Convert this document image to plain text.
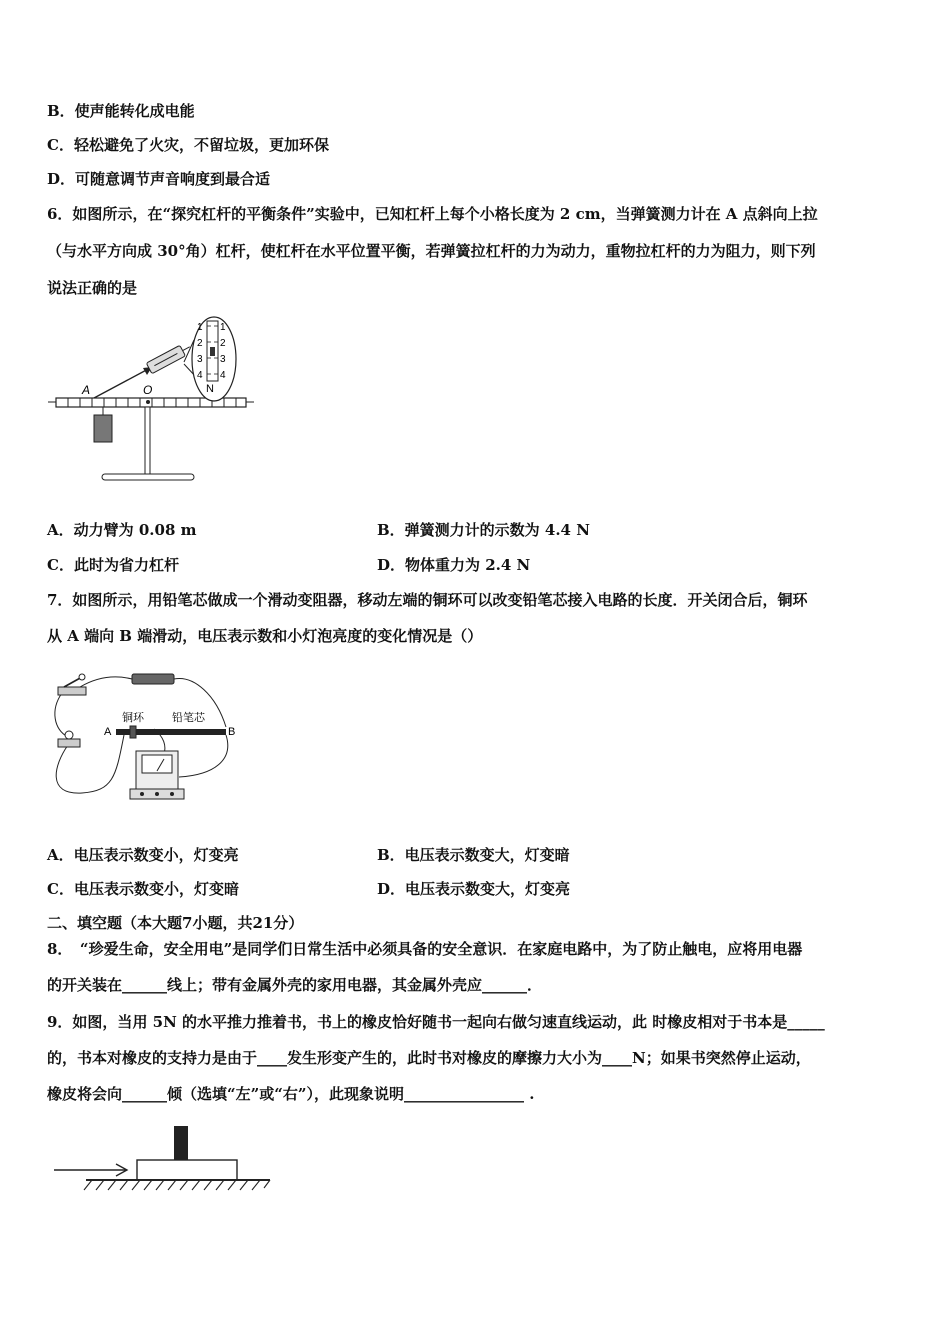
B．使声能转化成电能
C．轻松避免了火灾，不留垃圾，更加环保
D．可随意调节声音响度到最合适
6．如图所示，在“探究杠杆的平衡条件”实验中，已知杠杆上每个小格长度为 2 cm，当弹簧测力计在 A 点斜向上拉
（与水平方向成 30°角）杠杆，使杠杆在水平位置平衡，若弹簧拉杠杆的力为动力，重物拉杠杆的力为阻力，则下列
说法正确的是
1
2
3
4
1
2
3
4
N
A	O
A．动力臂为 0.08 m	B．弹簧测力计的示数为 4.4 N
C．此时为省力杠杆	D．物体重力为 2.4 N
7．如图所示，用铅笔芯做成一个滑动变阻器，移动左端的铜环可以改变铅笔芯接入电路的长度．开关闭合后，铜环
从 A 端向 B 端滑动，电压表示数和小灯泡亮度的变化情况是（）
铜环	铅笔芯
A	B
A．电压表示数变小，灯变亮	B．电压表示数变大，灯变暗
C．电压表示数变小，灯变暗	D．电压表示数变大，灯变亮
二、填空题（本大题7小题，共21分）
8．　“珍爱生命，安全用电”是同学们日常生活中必须具备的安全意识．在家庭电路中，为了防止触电，应将用电器
的开关装在______线上；带有金属外壳的家用电器，其金属外壳应______．
9．如图，当用 5N 的水平推力推着书，书上的橡皮恰好随书一起向右做匀速直线运动，此 时橡皮相对于书本是_____
的，书本对橡皮的支持力是由于____发生形变产生的，此时书对橡皮的摩擦力大小为____N；如果书突然停止运动，
橡皮将会向______倾（选填“左”或“右”），此现象说明________________ .
